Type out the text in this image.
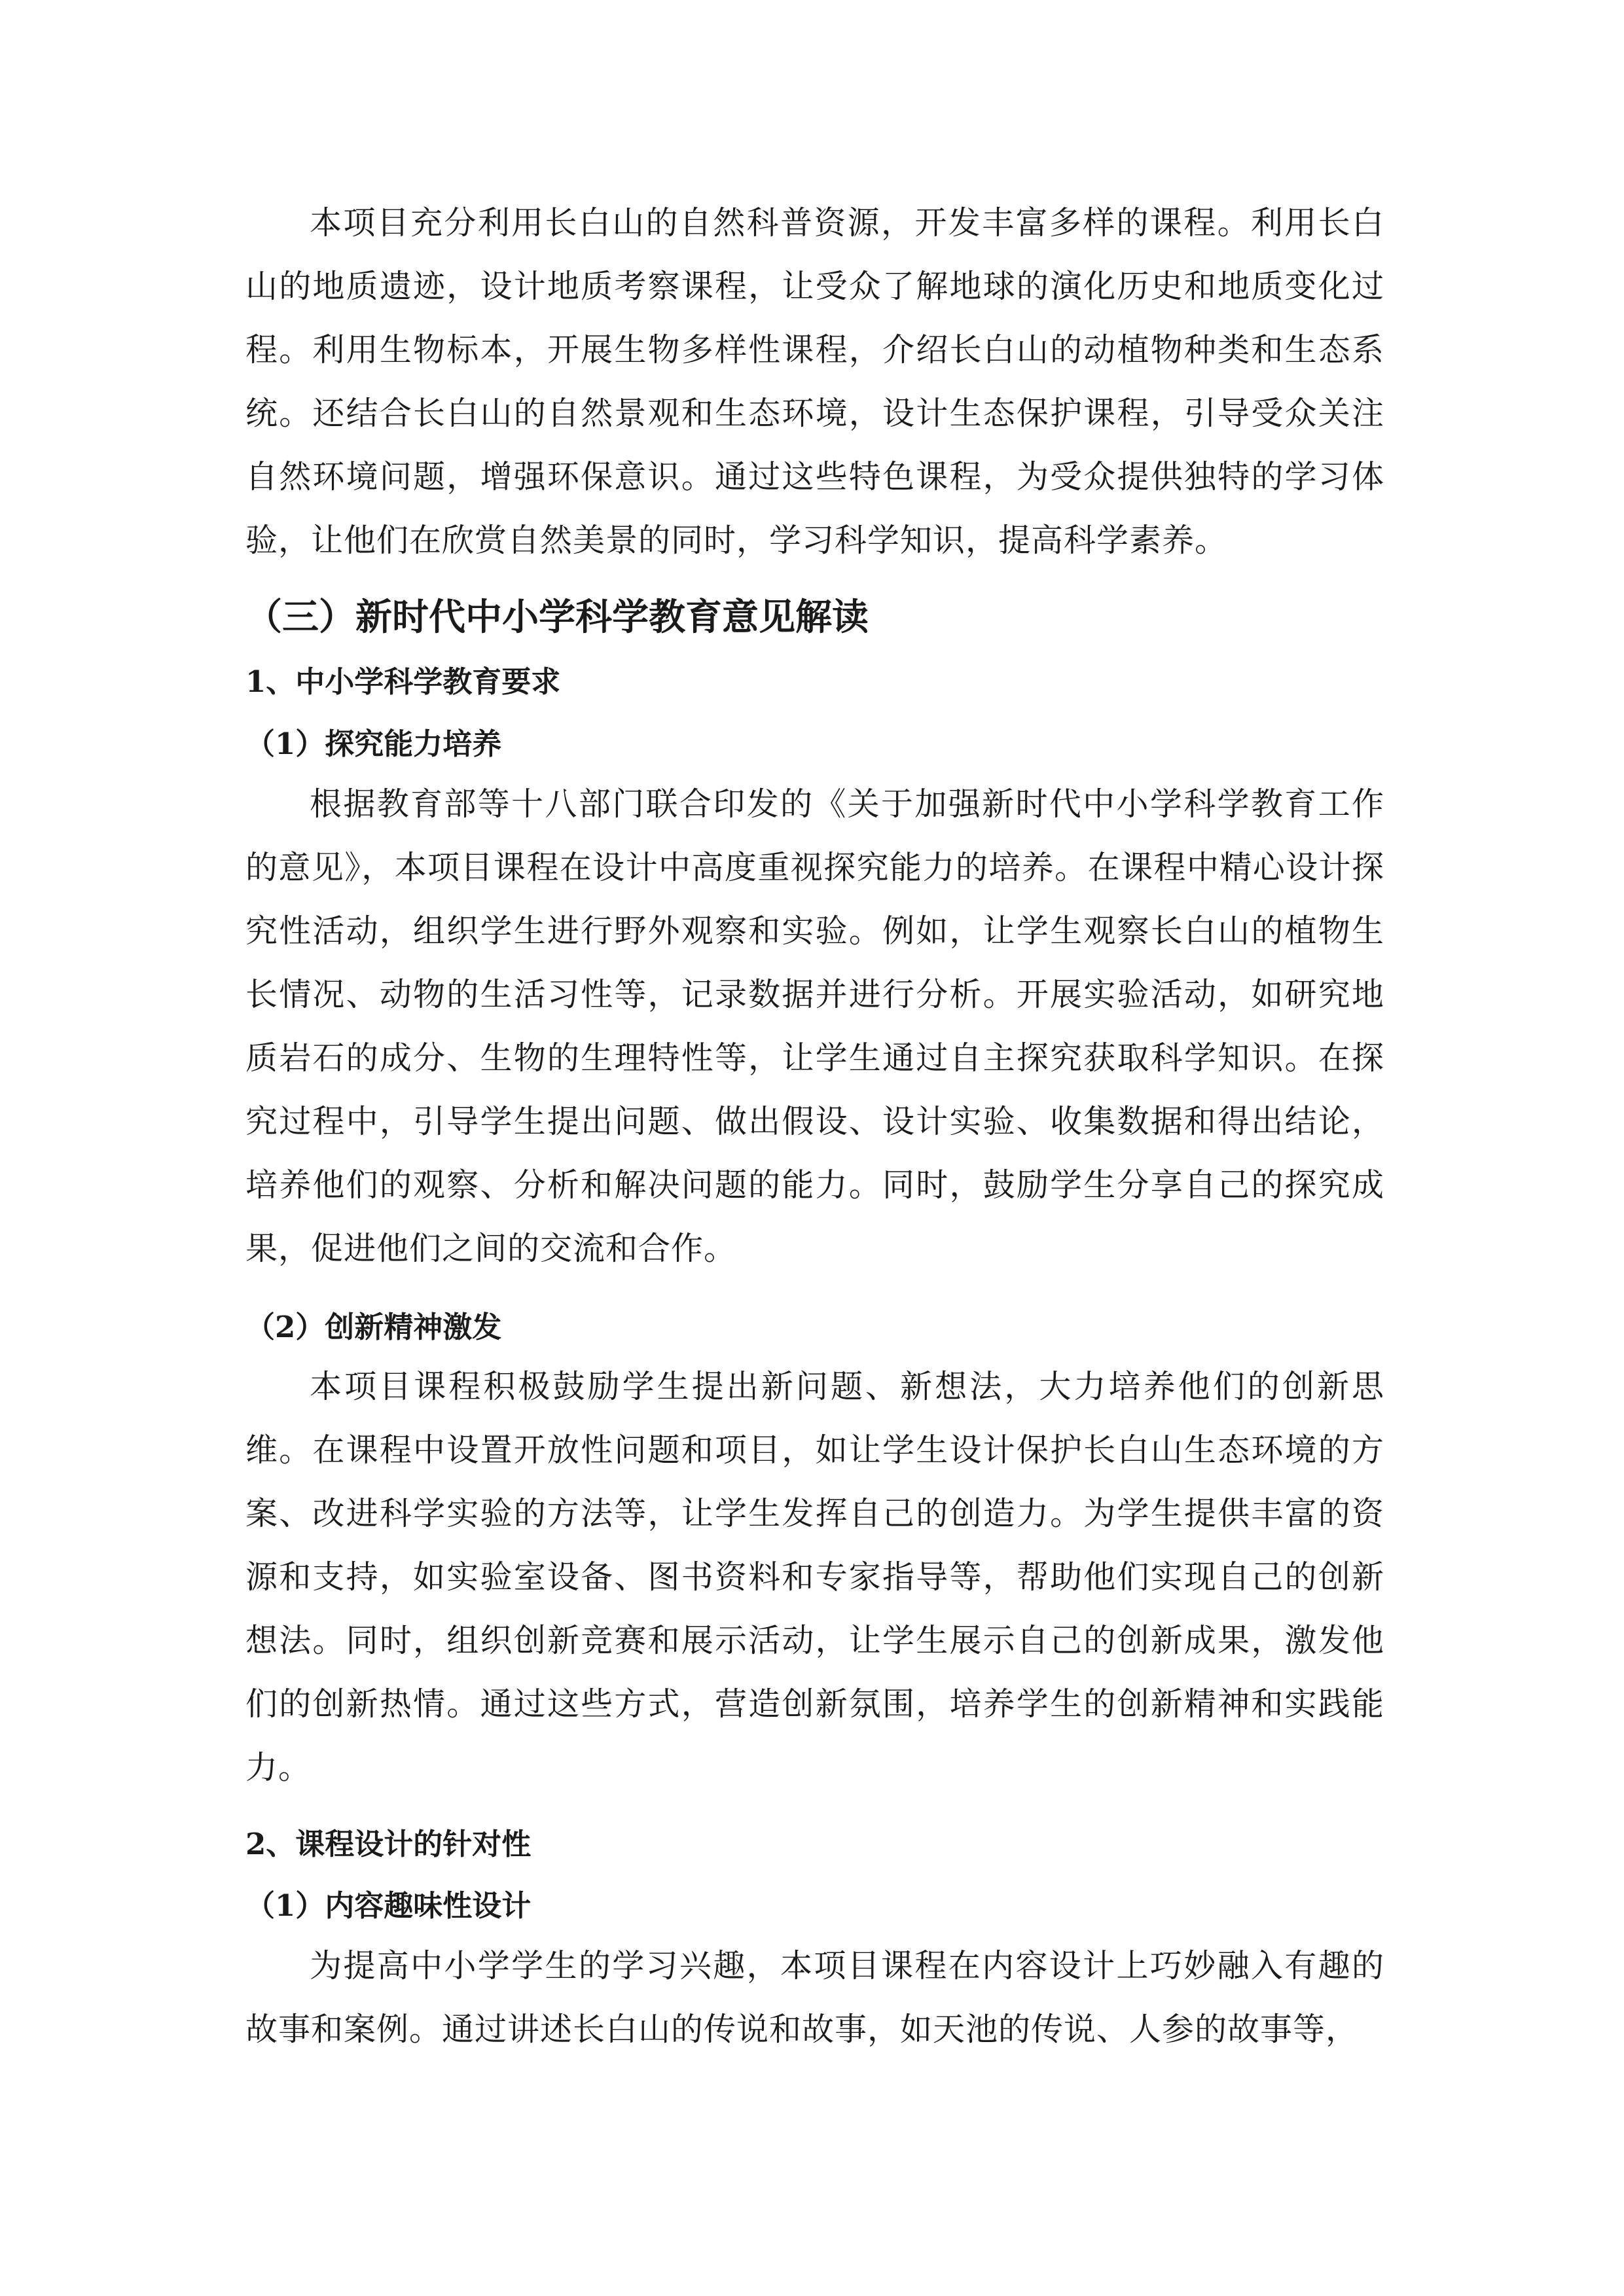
本项目充分利用长白山的自然科普资源，开发丰富多样的课程。利用长白山的地质遗迹，设计地质考察课程，让受众了解地球的演化历史和地质变化过程。利用生物标本，开展生物多样性课程，介绍长白山的动植物种类和生态系统。还结合长白山的自然景观和生态环境，设计生态保护课程，引导受众关注自然环境问题，增强环保意识。通过这些特色课程，为受众提供独特的学习体验，让他们在欣赏自然美景的同时，学习科学知识，提高科学素养。

（三）新时代中小学科学教育意见解读
1、中小学科学教育要求
（1）探究能力培养

根据教育部等十八部门联合印发的《关于加强新时代中小学科学教育工作的意见》，本项目课程在设计中高度重视探究能力的培养。在课程中精心设计探究性活动，组织学生进行野外观察和实验。例如，让学生观察长白山的植物生长情况、动物的生活习性等，记录数据并进行分析。开展实验活动，如研究地质岩石的成分、生物的生理特性等，让学生通过自主探究获取科学知识。在探究过程中，引导学生提出问题、做出假设、设计实验、收集数据和得出结论，培养他们的观察、分析和解决问题的能力。同时，鼓励学生分享自己的探究成果，促进他们之间的交流和合作。

（2）创新精神激发

本项目课程积极鼓励学生提出新问题、新想法，大力培养他们的创新思维。在课程中设置开放性问题和项目，如让学生设计保护长白山生态环境的方案、改进科学实验的方法等，让学生发挥自己的创造力。为学生提供丰富的资源和支持，如实验室设备、图书资料和专家指导等，帮助他们实现自己的创新想法。同时，组织创新竞赛和展示活动，让学生展示自己的创新成果，激发他们的创新热情。通过这些方式，营造创新氛围，培养学生的创新精神和实践能力。

2、课程设计的针对性
（1）内容趣味性设计

为提高中小学学生的学习兴趣，本项目课程在内容设计上巧妙融入有趣的故事和案例。通过讲述长白山的传说和故事，如天池的传说、人参的故事等，
